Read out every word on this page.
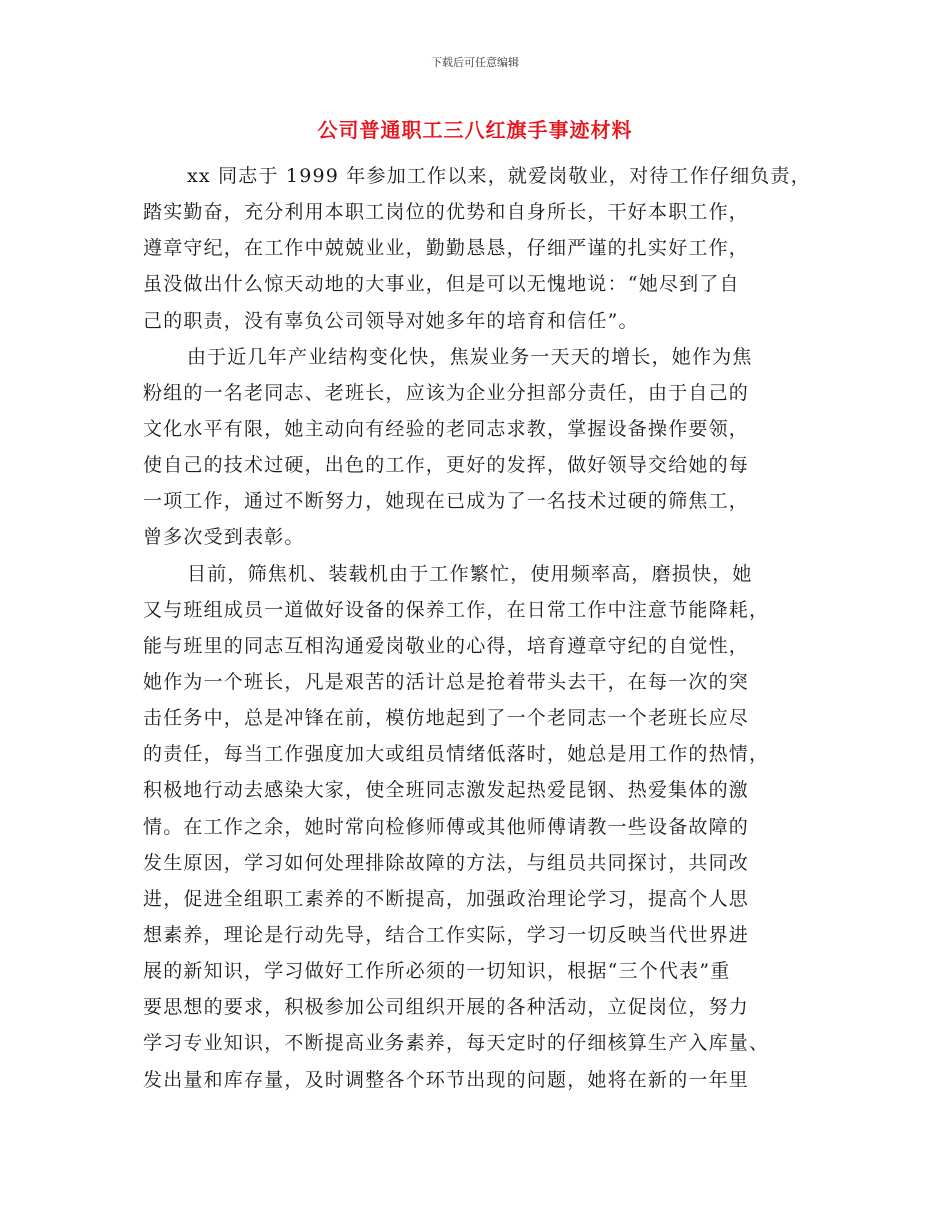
下载后可任意编辑
公司普通职工三八红旗手事迹材料
xx 同志于 1999 年参加工作以来，就爱岗敬业，对待工作仔细负责，
踏实勤奋，充分利用本职工岗位的优势和自身所长，干好本职工作，
遵章守纪，在工作中兢兢业业，勤勤恳恳，仔细严谨的扎实好工作，
虽没做出什么惊天动地的大事业，但是可以无愧地说：“她尽到了自
己的职责，没有辜负公司领导对她多年的培育和信任”。
由于近几年产业结构变化快，焦炭业务一天天的增长，她作为焦
粉组的一名老同志、老班长，应该为企业分担部分责任，由于自己的
文化水平有限，她主动向有经验的老同志求教，掌握设备操作要领，
使自己的技术过硬，出色的工作，更好的发挥，做好领导交给她的每
一项工作，通过不断努力，她现在已成为了一名技术过硬的筛焦工，
曾多次受到表彰。
目前，筛焦机、装载机由于工作繁忙，使用频率高，磨损快，她
又与班组成员一道做好设备的保养工作，在日常工作中注意节能降耗，
能与班里的同志互相沟通爱岗敬业的心得，培育遵章守纪的自觉性，
她作为一个班长，凡是艰苦的活计总是抢着带头去干，在每一次的突
击任务中，总是冲锋在前，模仿地起到了一个老同志一个老班长应尽
的责任，每当工作强度加大或组员情绪低落时，她总是用工作的热情，
积极地行动去感染大家，使全班同志激发起热爱昆钢、热爱集体的激
情。在工作之余，她时常向检修师傅或其他师傅请教一些设备故障的
发生原因，学习如何处理排除故障的方法，与组员共同探讨，共同改
进，促进全组职工素养的不断提高，加强政治理论学习，提高个人思
想素养，理论是行动先导，结合工作实际，学习一切反映当代世界进
展的新知识，学习做好工作所必须的一切知识，根据“三个代表”重
要思想的要求，积极参加公司组织开展的各种活动，立促岗位，努力
学习专业知识，不断提高业务素养，每天定时的仔细核算生产入库量、
发出量和库存量，及时调整各个环节出现的问题，她将在新的一年里
